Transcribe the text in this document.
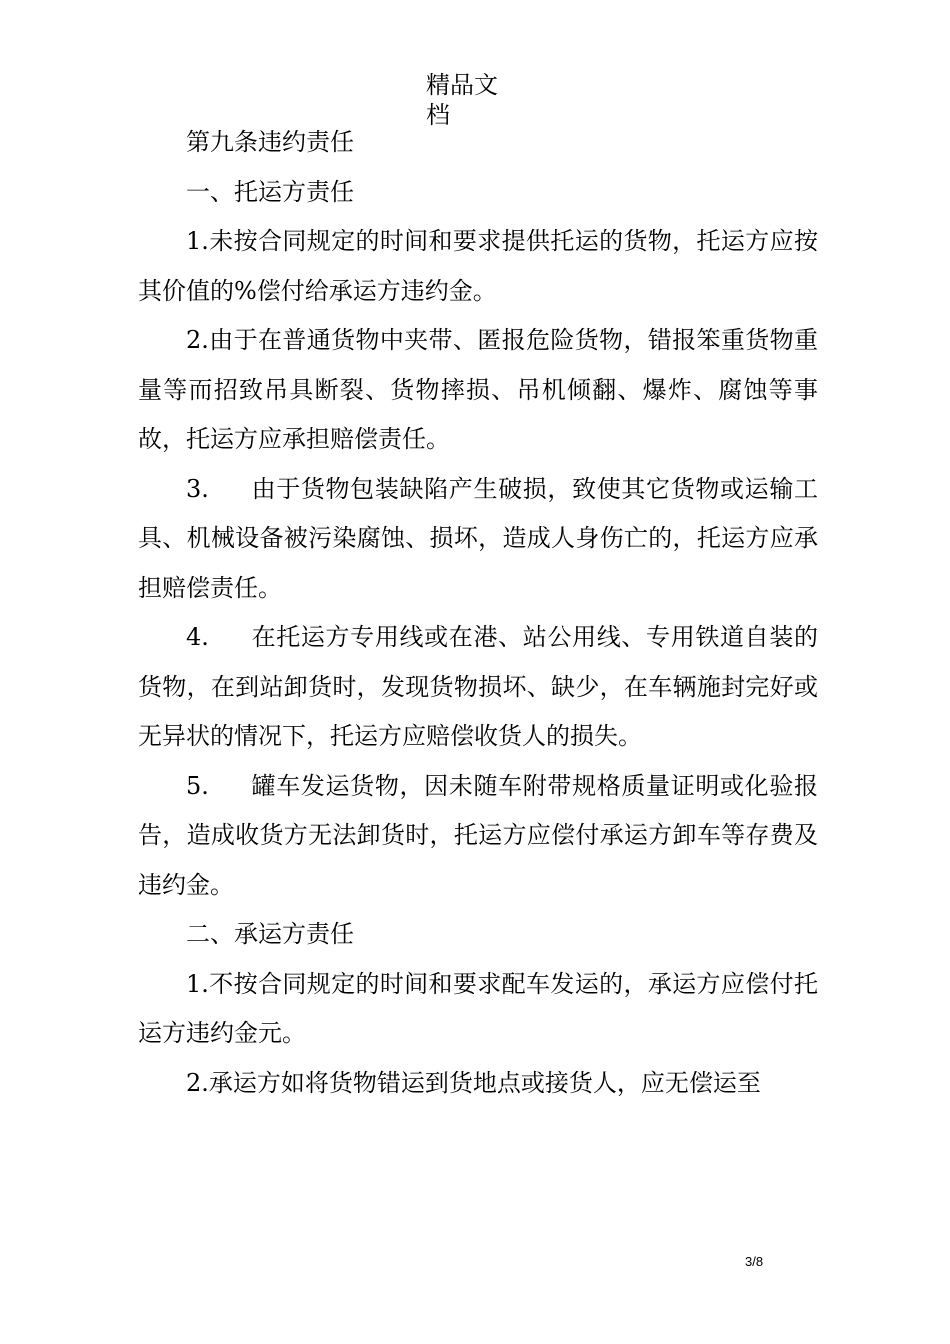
精品文档

第九条违约责任

一、托运方责任

1.未按合同规定的时间和要求提供托运的货物，托运方应按其价值的%偿付给承运方违约金。

2.由于在普通货物中夹带、匿报危险货物，错报笨重货物重量等而招致吊具断裂、货物摔损、吊机倾翻、爆炸、腐蚀等事故，托运方应承担赔偿责任。

3. 由于货物包装缺陷产生破损，致使其它货物或运输工具、机械设备被污染腐蚀、损坏，造成人身伤亡的，托运方应承担赔偿责任。

4. 在托运方专用线或在港、站公用线、专用铁道自装的货物，在到站卸货时，发现货物损坏、缺少，在车辆施封完好或无异状的情况下，托运方应赔偿收货人的损失。

5. 罐车发运货物，因未随车附带规格质量证明或化验报告，造成收货方无法卸货时，托运方应偿付承运方卸车等存费及违约金。

二、承运方责任

1.不按合同规定的时间和要求配车发运的，承运方应偿付托运方违约金元。

2.承运方如将货物错运到货地点或接货人，应无偿运至

3/8
